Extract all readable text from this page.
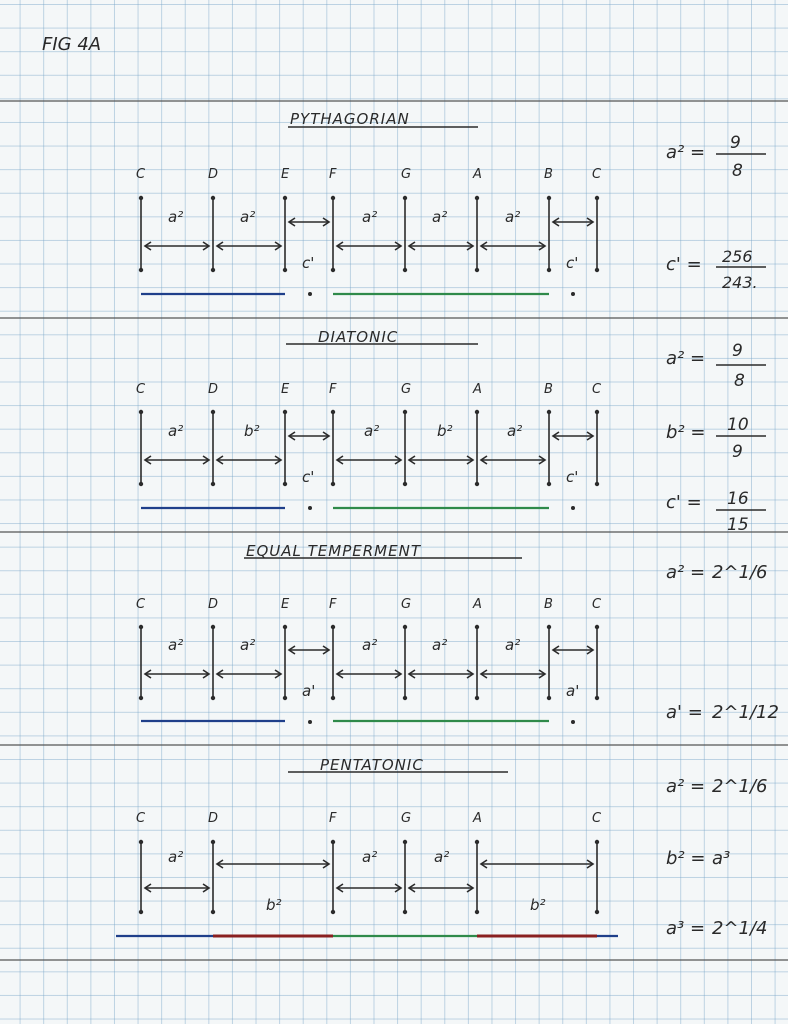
FIG 4A
PYTHAGORIAN
C	D	E	F	G	A	B	C
a²	a²
c'
a²	a²	a²
c'
a² = 9
8
c' = 256
243.
DIATONIC
C	D	E	F	G	A	B	C
a²	b²
c'
a²	b²	a²
c'
a² = 9
8
b² = 10
9
c' = 16
15
EQUAL TEMPERMENT
C	D	E	F	G	A	B	C
a²	a²
a'
a²	a²	a²
a'
a² = 2^1/6
a' = 2^1/12
PENTATONIC
C	D	F	G	A	C
a²
b²
a²	a²
b²
a² = 2^1/6
b² = a³
a³ = 2^1/4
